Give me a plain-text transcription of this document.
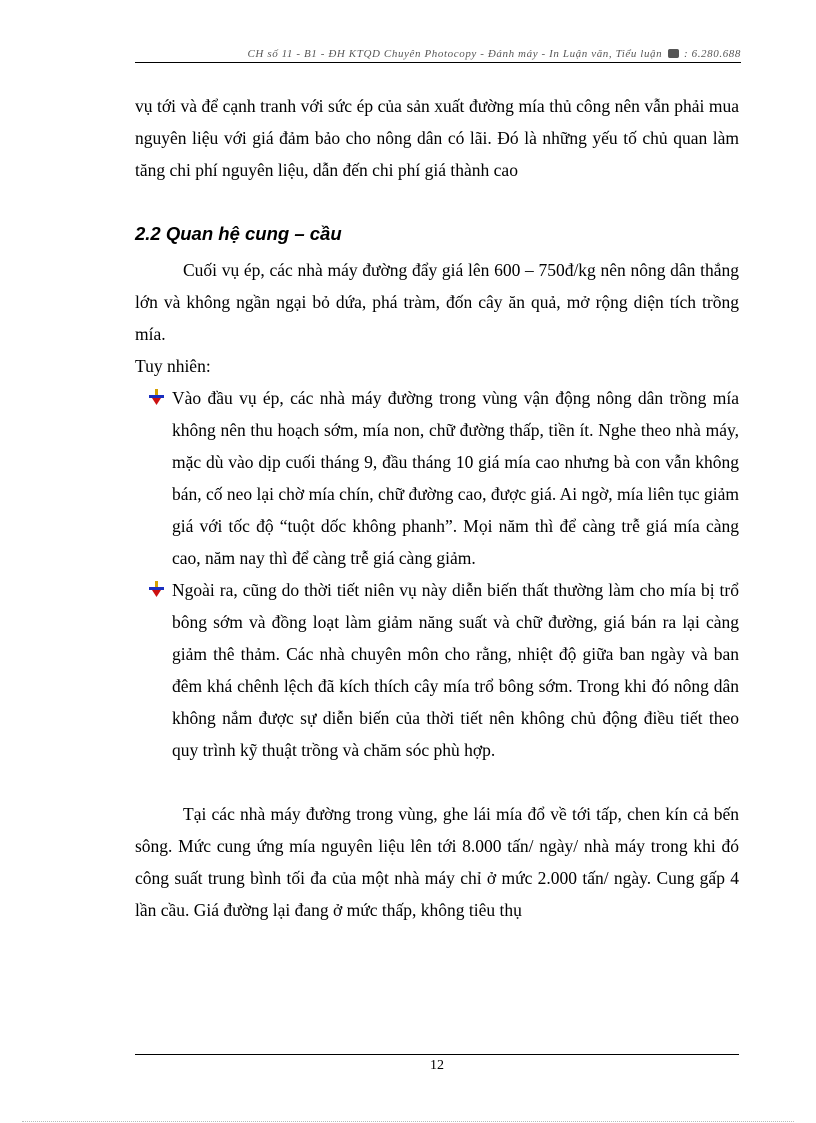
CH số 11 - B1 - ĐH KTQD Chuyên Photocopy - Đánh máy - In Luận văn, Tiểu luận : 6.280.688

vụ tới và để cạnh tranh với sức ép của sản xuất đường mía thủ công nên vẫn phải mua nguyên liệu với giá đảm bảo cho nông dân có lãi. Đó là những yếu tố chủ quan làm tăng chi phí nguyên liệu, dẫn đến chi phí giá thành cao

2.2 Quan hệ cung – cầu

Cuối vụ ép, các nhà máy đường đẩy giá lên 600 – 750đ/kg nên nông dân thắng lớn và không ngần ngại bỏ dứa, phá tràm, đốn cây ăn quả, mở rộng diện tích trồng mía.

Tuy nhiên:

Vào đầu vụ ép, các nhà máy đường trong vùng vận động nông dân trồng mía không nên thu hoạch sớm, mía non, chữ đường thấp, tiền ít. Nghe theo nhà máy, mặc dù vào dịp cuối tháng 9, đầu tháng 10 giá mía cao nhưng bà con vẫn không bán, cố neo lại chờ mía chín, chữ đường cao, được giá. Ai ngờ, mía liên tục giảm giá với tốc độ “tuột dốc không phanh”. Mọi năm thì để càng trễ giá mía càng cao, năm nay thì để càng trễ giá càng giảm.

Ngoài ra, cũng do thời tiết niên vụ này diễn biến thất thường làm cho mía bị trổ bông sớm và đồng loạt làm giảm năng suất và chữ đường, giá bán ra lại càng giảm thê thảm. Các nhà chuyên môn cho rằng, nhiệt độ giữa ban ngày và ban đêm khá chênh lệch đã kích thích cây mía trổ bông sớm. Trong khi đó nông dân không nắm được sự diễn biến của thời tiết nên không chủ động điều tiết theo quy trình kỹ thuật trồng và chăm sóc phù hợp.

Tại các nhà máy đường trong vùng, ghe lái mía đổ về tới tấp, chen kín cả bến sông. Mức cung ứng mía nguyên liệu lên tới 8.000 tấn/ ngày/ nhà máy trong khi đó công suất trung bình tối đa của một nhà máy chỉ ở mức 2.000 tấn/ ngày. Cung gấp 4 lần cầu. Giá đường lại đang ở mức thấp, không tiêu thụ

12
